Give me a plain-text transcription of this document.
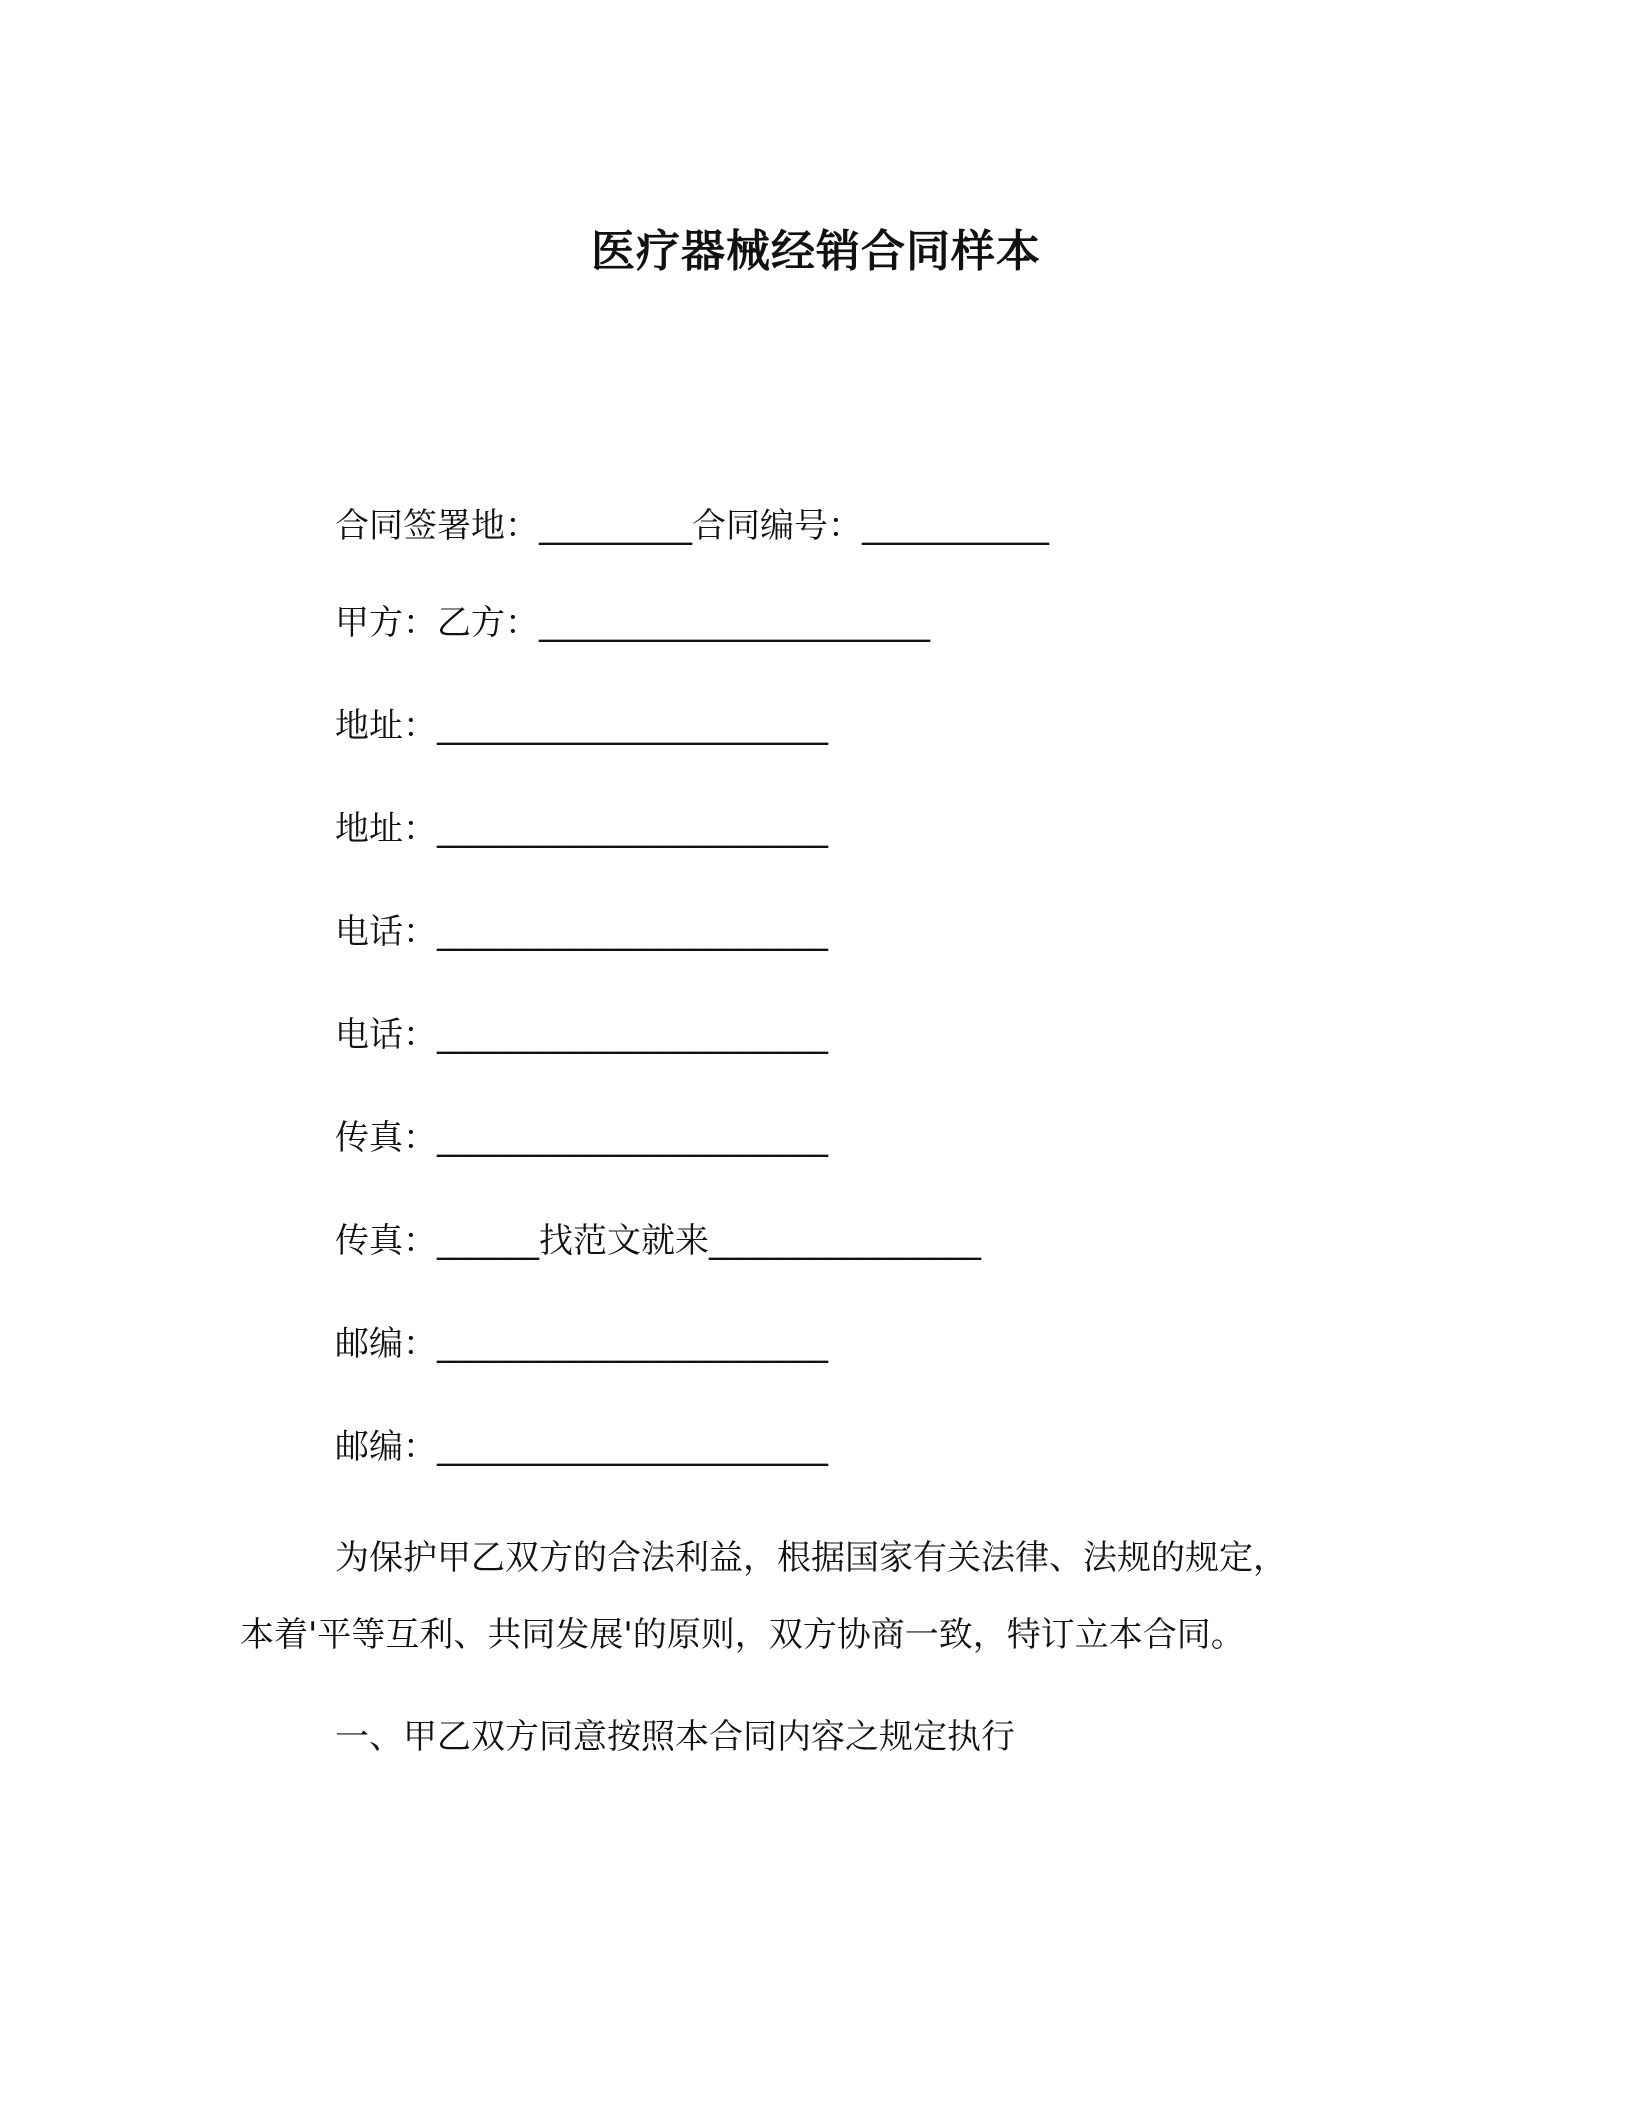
医疗器械经销合同样本
合同签署地：_________合同编号：___________
甲方：乙方：_______________________
地址：_______________________
地址：_______________________
电话：_______________________
电话：_______________________
传真：_______________________
传真：______找范文就来________________
邮编：_______________________
邮编：_______________________
为保护甲乙双方的合法利益，根据国家有关法律、法规的规定，
本着'平等互利、共同发展'的原则，双方协商一致，特订立本合同。
一、甲乙双方同意按照本合同内容之规定执行
